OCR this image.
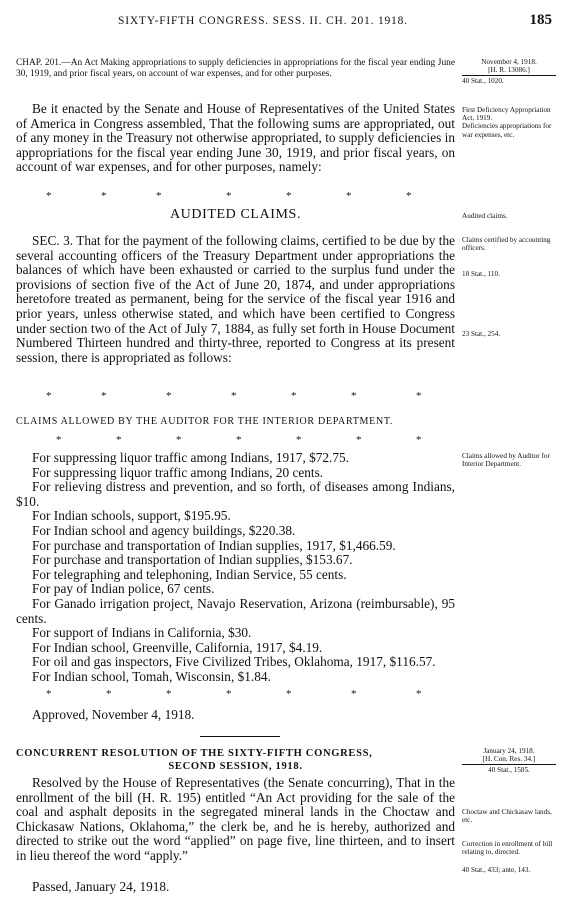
SIXTY-FIFTH CONGRESS. SESS. II. CH. 201. 1918.	185
CHAP. 201.—An Act Making appropriations to supply deficiencies in appropriations for the fiscal year ending June 30, 1919, and prior fiscal years, on account of war expenses, and for other purposes.
November 4, 1918.
[H. R. 13086.]
40 Stat., 1020.
Be it enacted by the Senate and House of Representatives of the United States of America in Congress assembled, That the following sums are appropriated, out of any money in the Treasury not otherwise appropriated, to supply deficiencies in appropriations for the fiscal year ending June 30, 1919, and prior fiscal years, on account of war expenses, and for other purposes, namely:
First Deficiency Appropriation Act, 1919.
Deficiencies appropriations for war expenses, etc.
*	*	*	*	*	*	*
AUDITED CLAIMS.	Audited claims.
SEC. 3. That for the payment of the following claims, certified to be due by the several accounting officers of the Treasury Department under appropriations the balances of which have been exhausted or carried to the surplus fund under the provisions of section five of the Act of June 20, 1874, and under appropriations heretofore treated as permanent, being for the service of the fiscal year 1916 and prior years, unless otherwise stated, and which have been certified to Congress under section two of the Act of July 7, 1884, as fully set forth in House Document Numbered Thirteen hundred and thirty-three, reported to Congress at its present session, there is appropriated as follows:
Claims certified by accounting officers.
18 Stat., 110.
23 Stat., 254.
*	*	*	*	*	*	*
CLAIMS ALLOWED BY THE AUDITOR FOR THE INTERIOR DEPARTMENT.
*	*	*	*	*	*	*
For suppressing liquor traffic among Indians, 1917, $72.75.
For suppressing liquor traffic among Indians, 20 cents.
For relieving distress and prevention, and so forth, of diseases among Indians, $10.
For Indian schools, support, $195.95.
For Indian school and agency buildings, $220.38.
For purchase and transportation of Indian supplies, 1917, $1,466.59.
For purchase and transportation of Indian supplies, $153.67.
For telegraphing and telephoning, Indian Service, 55 cents.
For pay of Indian police, 67 cents.
For Ganado irrigation project, Navajo Reservation, Arizona (reimbursable), 95 cents.
For support of Indians in California, $30.
For Indian school, Greenville, California, 1917, $4.19.
For oil and gas inspectors, Five Civilized Tribes, Oklahoma, 1917, $116.57.
For Indian school, Tomah, Wisconsin, $1.84.
Claims allowed by Auditor for Interior Department.
*	*	*	*	*	*	*
Approved, November 4, 1918.
CONCURRENT RESOLUTION OF THE SIXTY-FIFTH CONGRESS,
SECOND SESSION, 1918.
January 24, 1918.
[H. Con. Res. 34.]
40 Stat., 1585.
Resolved by the House of Representatives (the Senate concurring), That in the enrollment of the bill (H. R. 195) entitled “An Act providing for the sale of the coal and asphalt deposits in the segregated mineral lands in the Choctaw and Chickasaw Nations, Oklahoma,” the clerk be, and he is hereby, authorized and directed to strike out the word “applied” on page five, line thirteen, and to insert in lieu thereof the word “apply.”
Choctaw and Chickasaw lands, etc.
Correction in enrollment of bill relating to, directed.
40 Stat., 433; ante, 143.
Passed, January 24, 1918.
